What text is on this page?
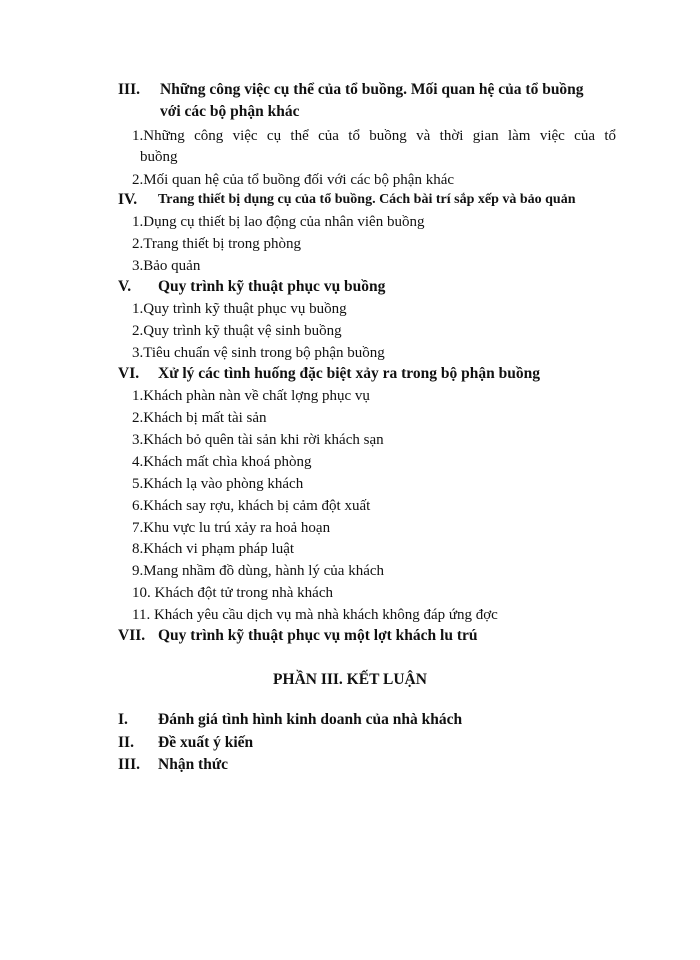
III. Những công việc cụ thể của tổ buồng. Mối quan hệ của tổ buồng
với các bộ phận khác
1.Những công việc cụ thể của tổ buồng và thời gian làm việc của tổ
buồng
2.Mối quan hệ của tổ buồng đối với các bộ phận khác
IV. Trang thiết bị dụng cụ của tổ buồng. Cách bài trí sắp xếp và bảo quản
1.Dụng cụ thiết bị lao động của nhân viên buồng
2.Trang thiết bị trong phòng
3.Bảo quản
V. Quy trình kỹ thuật phục vụ buồng
1.Quy trình kỹ thuật phục vụ buồng
2.Quy trình kỹ thuật vệ sinh buồng
3.Tiêu chuẩn vệ sinh trong bộ phận buồng
VI. Xử lý các tình huống đặc biệt xảy ra trong bộ phận buồng
1.Khách phàn nàn về chất lợng phục vụ
2.Khách bị mất tài sản
3.Khách bỏ quên tài sản khi rời khách sạn
4.Khách mất chìa khoá phòng
5.Khách lạ vào phòng khách
6.Khách say rợu, khách bị cảm đột xuất
7.Khu vực lu trú xảy ra hoả hoạn
8.Khách vi phạm pháp luật
9.Mang nhầm đồ dùng, hành lý của khách
10. Khách đột tử trong nhà khách
11. Khách yêu cầu dịch vụ mà nhà khách không đáp ứng đợc
VII. Quy trình kỹ thuật phục vụ một lợt khách lu trú
PHẦN III. KẾT LUẬN
I. Đánh giá tình hình kinh doanh của nhà khách
II. Đề xuất ý kiến
III. Nhận thức
